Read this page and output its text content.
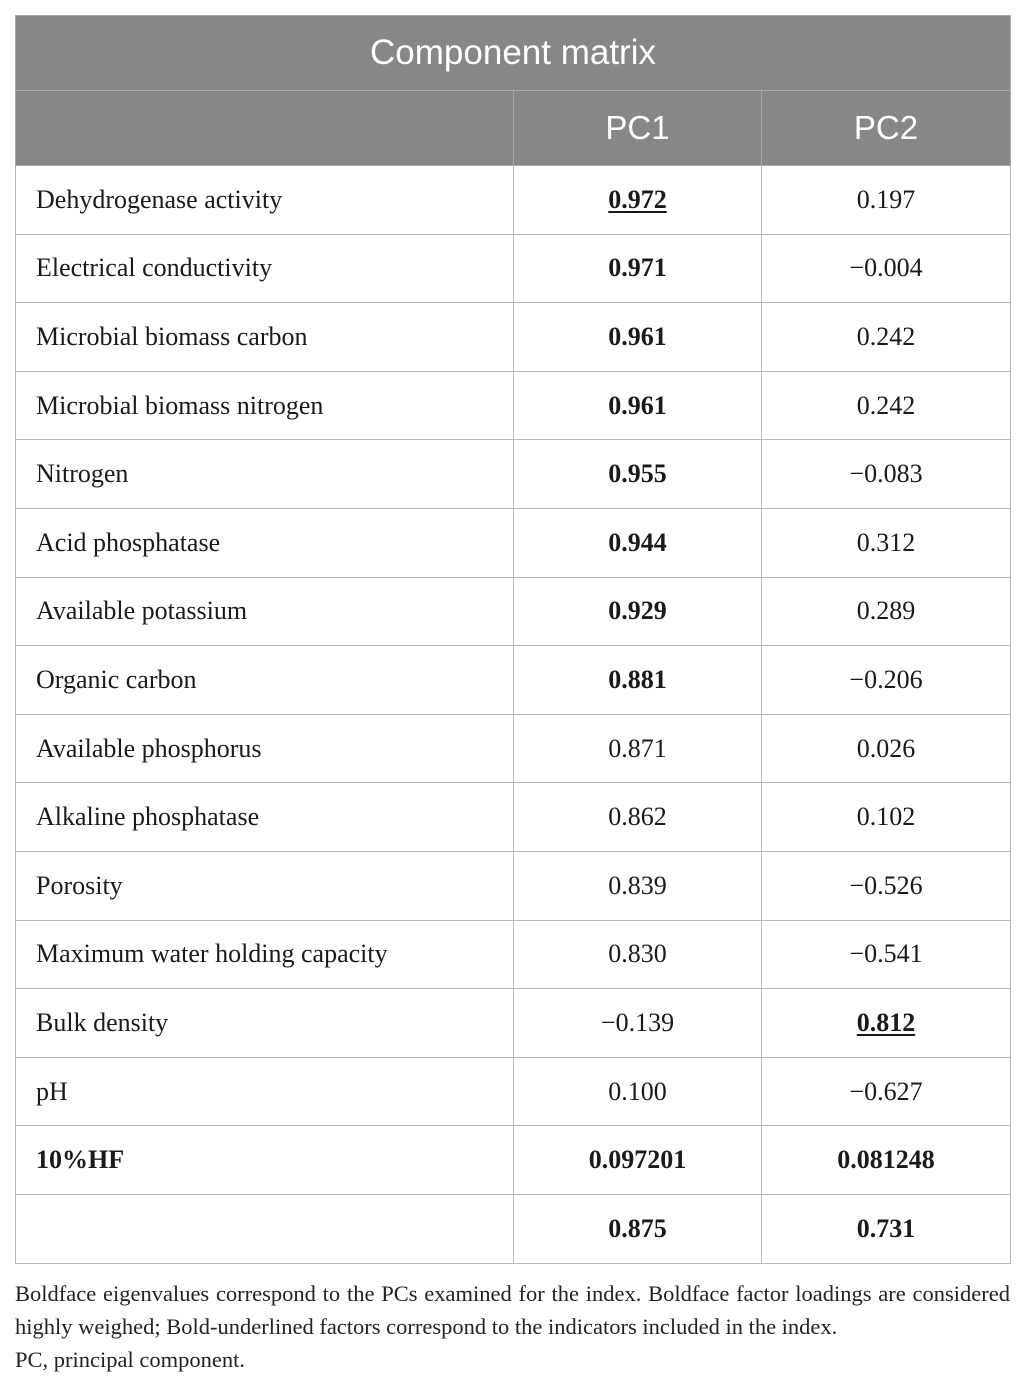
Component matrix		
	PC1	PC2
Dehydrogenase activity	0.972	0.197
Electrical conductivity	0.971	−0.004
Microbial biomass carbon	0.961	0.242
Microbial biomass nitrogen	0.961	0.242
Nitrogen	0.955	−0.083
Acid phosphatase	0.944	0.312
Available potassium	0.929	0.289
Organic carbon	0.881	−0.206
Available phosphorus	0.871	0.026
Alkaline phosphatase	0.862	0.102
Porosity	0.839	−0.526
Maximum water holding capacity	0.830	−0.541
Bulk density	−0.139	0.812
pH	0.100	−0.627
10%HF	0.097201	0.081248
	0.875	0.731

Boldface eigenvalues correspond to the PCs examined for the index. Boldface factor loadings are considered highly weighed; Bold-underlined factors correspond to the indicators included in the index.

PC, principal component.
